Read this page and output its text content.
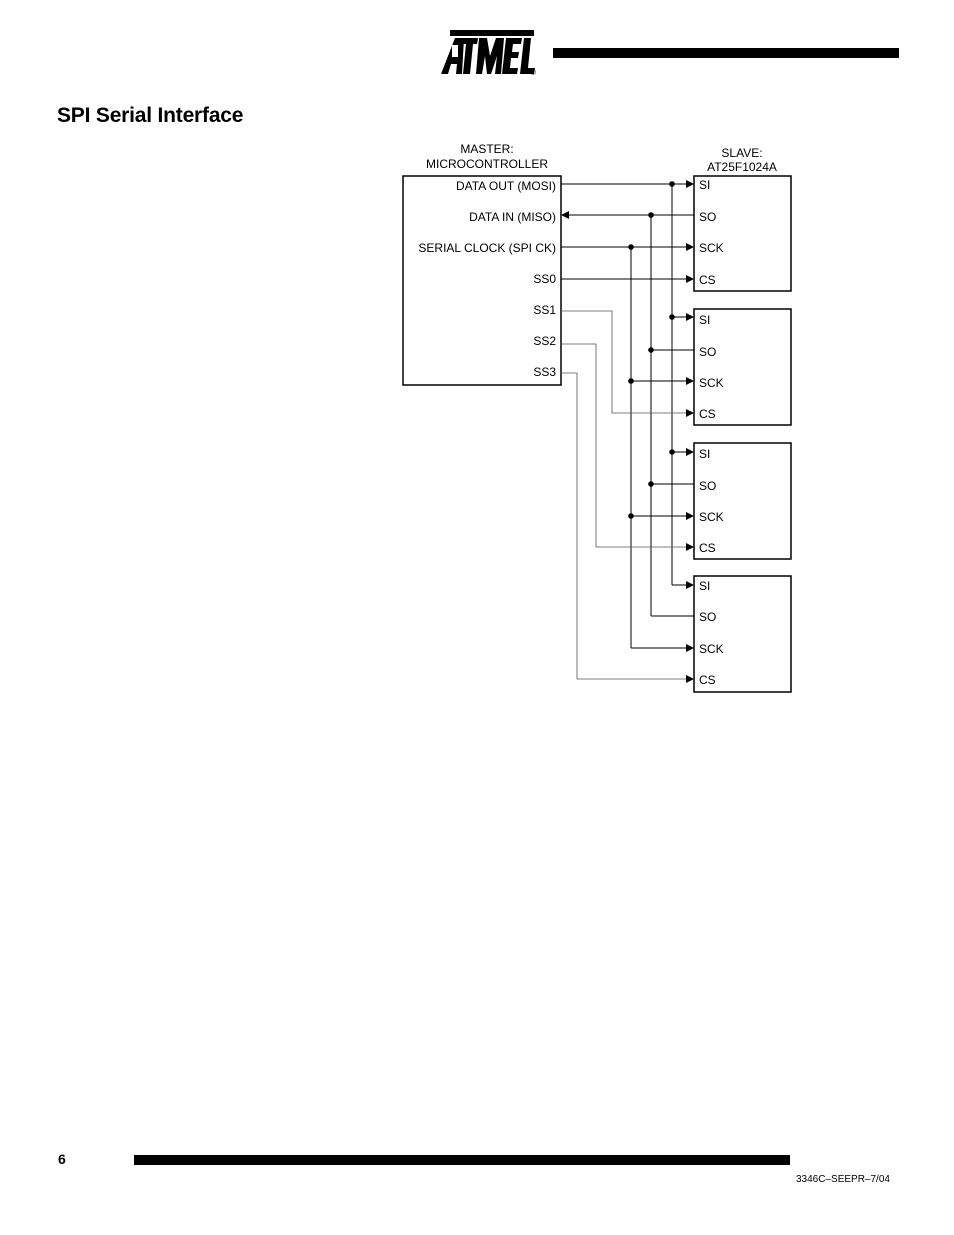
®
SPI Serial Interface
MASTER:
MICROCONTROLLER
DATA OUT (MOSI)
DATA IN (MISO)
SERIAL CLOCK (SPI CK)
SS0
SS1
SS2
SS3
SLAVE:
AT25F1024A
SI
SO
SCK
CS
SI
SO
SCK
CS
SI
SO
SCK
CS
SI
SO
SCK
CS
6
3346C–SEEPR–7/04
